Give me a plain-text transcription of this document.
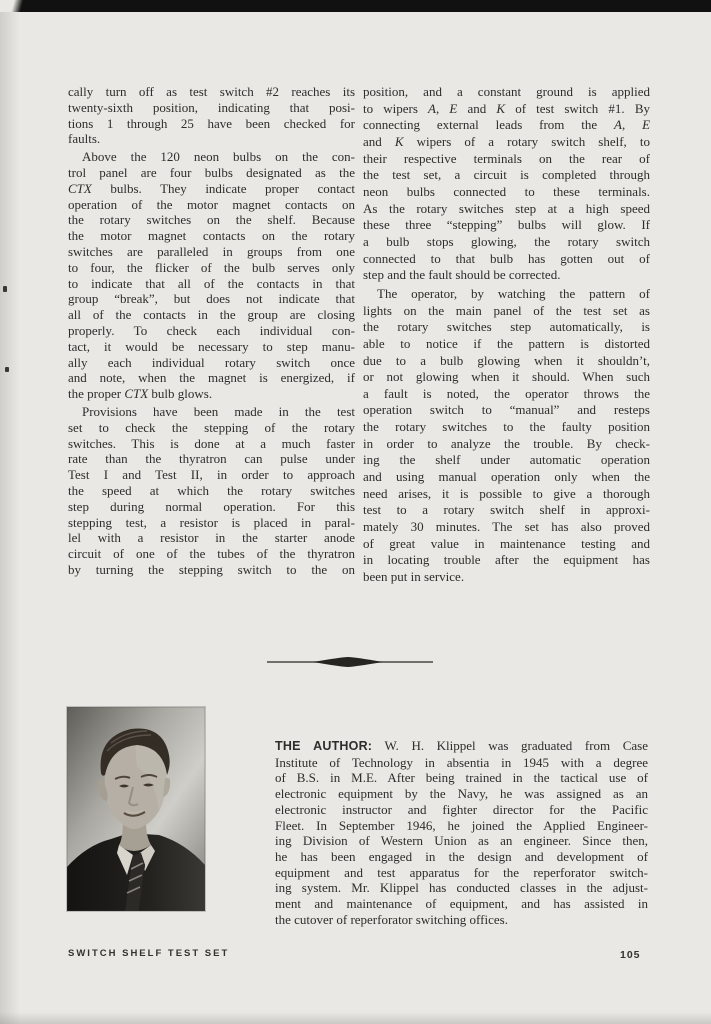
cally turn off as test switch #2 reaches its
twenty-sixth position, indicating that posi-
tions 1 through 25 have been checked for
faults.
Above the 120 neon bulbs on the con-
trol panel are four bulbs designated as the
CTX bulbs. They indicate proper contact
operation of the motor magnet contacts on
the rotary switches on the shelf. Because
the motor magnet contacts on the rotary
switches are paralleled in groups from one
to four, the flicker of the bulb serves only
to indicate that all of the contacts in that
group “break”, but does not indicate that
all of the contacts in the group are closing
properly. To check each individual con-
tact, it would be necessary to step manu-
ally each individual rotary switch once
and note, when the magnet is energized, if
the proper CTX bulb glows.
Provisions have been made in the test
set to check the stepping of the rotary
switches. This is done at a much faster
rate than the thyratron can pulse under
Test I and Test II, in order to approach
the speed at which the rotary switches
step during normal operation. For this
stepping test, a resistor is placed in paral-
lel with a resistor in the starter anode
circuit of one of the tubes of the thyratron
by turning the stepping switch to the on
position, and a constant ground is applied
to wipers A, E and K of test switch #1. By
connecting external leads from the A, E
and K wipers of a rotary switch shelf, to
their respective terminals on the rear of
the test set, a circuit is completed through
neon bulbs connected to these terminals.
As the rotary switches step at a high speed
these three “stepping” bulbs will glow. If
a bulb stops glowing, the rotary switch
connected to that bulb has gotten out of
step and the fault should be corrected.
The operator, by watching the pattern of
lights on the main panel of the test set as
the rotary switches step automatically, is
able to notice if the pattern is distorted
due to a bulb glowing when it shouldn’t,
or not glowing when it should. When such
a fault is noted, the operator throws the
operation switch to “manual” and resteps
the rotary switches to the faulty position
in order to analyze the trouble. By check-
ing the shelf under automatic operation
and using manual operation only when the
need arises, it is possible to give a thorough
test to a rotary switch shelf in approxi-
mately 30 minutes. The set has also proved
of great value in maintenance testing and
in locating trouble after the equipment has
been put in service.
THE AUTHOR: W. H. Klippel was graduated from Case
Institute of Technology in absentia in 1945 with a degree
of B.S. in M.E. After being trained in the tactical use of
electronic equipment by the Navy, he was assigned as an
electronic instructor and fighter director for the Pacific
Fleet. In September 1946, he joined the Applied Engineer-
ing Division of Western Union as an engineer. Since then,
he has been engaged in the design and development of
equipment and test apparatus for the reperforator switch-
ing system. Mr. Klippel has conducted classes in the adjust-
ment and maintenance of equipment, and has assisted in
the cutover of reperforator switching offices.
SWITCH SHELF TEST SET	105
